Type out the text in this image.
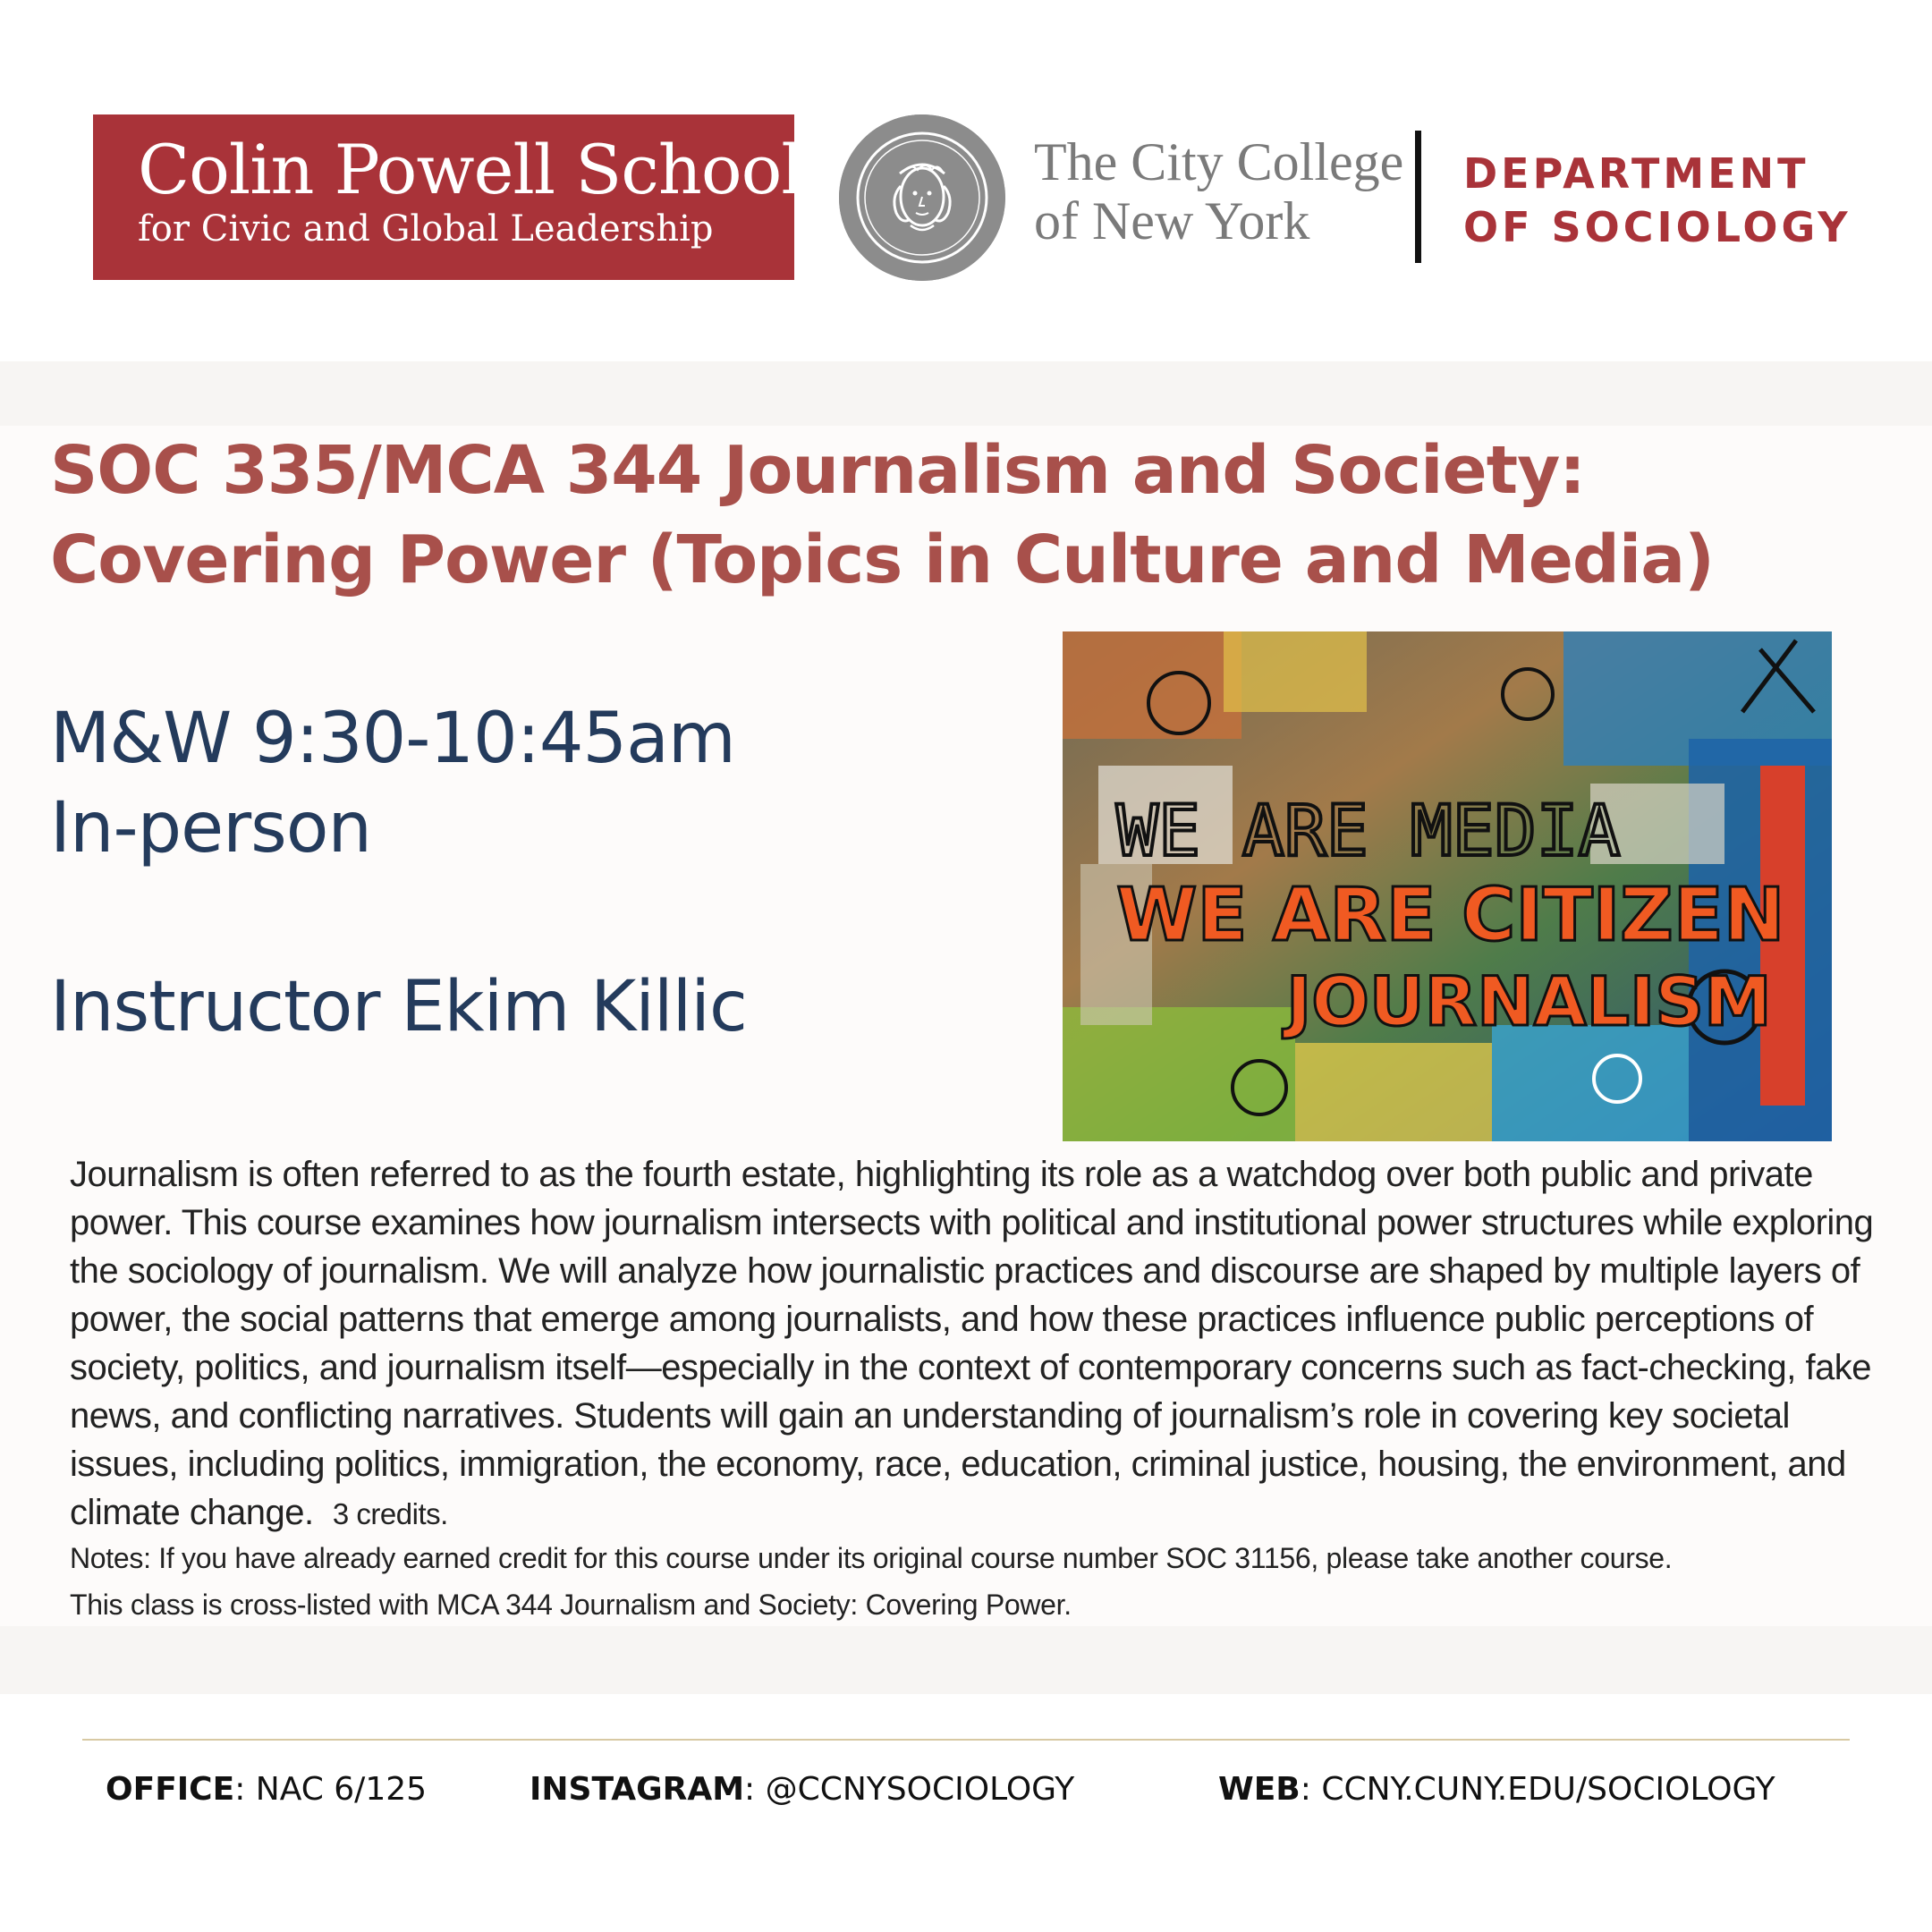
Colin Powell School
for Civic and Global Leadership
The City College
of New York
DEPARTMENT
OF SOCIOLOGY
SOC 335/MCA 344 Journalism and Society:
Covering Power (Topics in Culture and Media)
M&W 9:30-10:45am
In-person
Instructor Ekim Killic
WE ARE MEDIA
WE ARE CITIZEN
JOURNALISM
Journalism is often referred to as the fourth estate, highlighting its role as a watchdog over both public and private power. This course examines how journalism intersects with political and institutional power structures while exploring the sociology of journalism. We will analyze how journalistic practices and discourse are shaped by multiple layers of power, the social patterns that emerge among journalists, and how these practices influence public perceptions of society, politics, and journalism itself—especially in the context of contemporary concerns such as fact-checking, fake news, and conflicting narratives. Students will gain an understanding of journalism’s role in covering key societal issues, including politics, immigration, the economy, race, education, criminal justice, housing, the environment, and climate change. 3 credits.
Notes: If you have already earned credit for this course under its original course number SOC 31156, please take another course.
This class is cross-listed with MCA 344 Journalism and Society: Covering Power.
OFFICE: NAC 6/125	INSTAGRAM: @CCNYSOCIOLOGY	WEB: CCNY.CUNY.EDU/SOCIOLOGY
